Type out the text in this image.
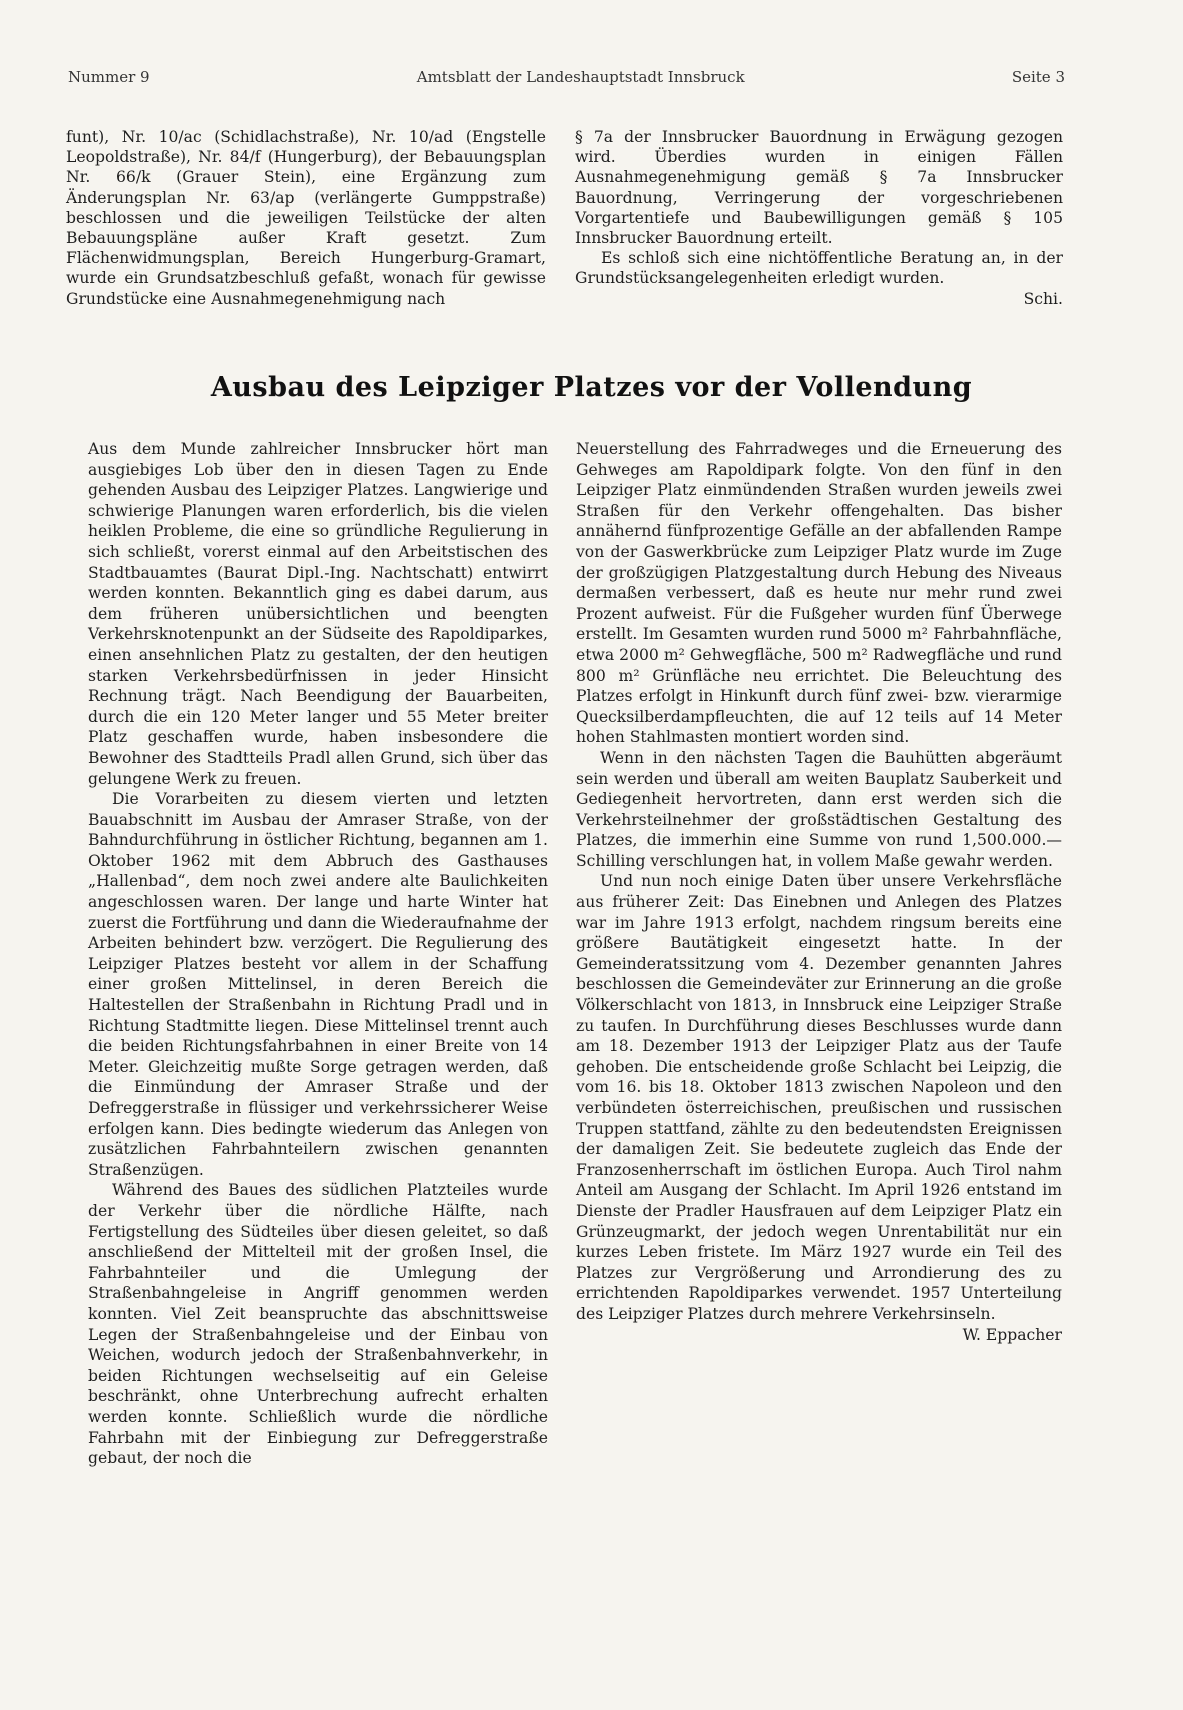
Nummer 9	Amtsblatt der Landeshauptstadt Innsbruck	Seite 3

funt), Nr. 10/ac (Schidlachstraße), Nr. 10/ad (Engstelle Leopoldstraße), Nr. 84/f (Hungerburg), der Bebauungsplan Nr. 66/k (Grauer Stein), eine Ergänzung zum Änderungsplan Nr. 63/ap (verlängerte Gumppstraße) beschlossen und die jeweiligen Teilstücke der alten Bebauungspläne außer Kraft gesetzt. Zum Flächenwidmungsplan, Bereich Hungerburg-Gramart, wurde ein Grundsatzbeschluß gefaßt, wonach für gewisse Grundstücke eine Ausnahmegenehmigung nach

§ 7a der Innsbrucker Bauordnung in Erwägung gezogen wird. Überdies wurden in einigen Fällen Ausnahmegenehmigung gemäß § 7a Innsbrucker Bauordnung, Verringerung der vorgeschriebenen Vorgartentiefe und Baubewilligungen gemäß § 105 Innsbrucker Bauordnung erteilt.

Es schloß sich eine nichtöffentliche Beratung an, in der Grundstücksangelegenheiten erledigt wurden.

Schi.
Ausbau des Leipziger Platzes vor der Vollendung

Aus dem Munde zahlreicher Innsbrucker hört man ausgiebiges Lob über den in diesen Tagen zu Ende gehenden Ausbau des Leipziger Platzes. Langwierige und schwierige Planungen waren erforderlich, bis die vielen heiklen Probleme, die eine so gründliche Regulierung in sich schließt, vorerst einmal auf den Arbeitstischen des Stadtbauamtes (Baurat Dipl.-Ing. Nachtschatt) entwirrt werden konnten. Bekanntlich ging es dabei darum, aus dem früheren unübersichtlichen und beengten Verkehrsknotenpunkt an der Südseite des Rapoldiparkes, einen ansehnlichen Platz zu gestalten, der den heutigen starken Verkehrsbedürfnissen in jeder Hinsicht Rechnung trägt. Nach Beendigung der Bauarbeiten, durch die ein 120 Meter langer und 55 Meter breiter Platz geschaffen wurde, haben insbesondere die Bewohner des Stadtteils Pradl allen Grund, sich über das gelungene Werk zu freuen.

Die Vorarbeiten zu diesem vierten und letzten Bauabschnitt im Ausbau der Amraser Straße, von der Bahndurchführung in östlicher Richtung, begannen am 1. Oktober 1962 mit dem Abbruch des Gasthauses „Hallenbad“, dem noch zwei andere alte Baulichkeiten angeschlossen waren. Der lange und harte Winter hat zuerst die Fortführung und dann die Wiederaufnahme der Arbeiten behindert bzw. verzögert. Die Regulierung des Leipziger Platzes besteht vor allem in der Schaffung einer großen Mittelinsel, in deren Bereich die Haltestellen der Straßenbahn in Richtung Pradl und in Richtung Stadtmitte liegen. Diese Mittelinsel trennt auch die beiden Richtungsfahrbahnen in einer Breite von 14 Meter. Gleichzeitig mußte Sorge getragen werden, daß die Einmündung der Amraser Straße und der Defreggerstraße in flüssiger und verkehrssicherer Weise erfolgen kann. Dies bedingte wiederum das Anlegen von zusätzlichen Fahrbahnteilern zwischen genannten Straßenzügen.

Während des Baues des südlichen Platzteiles wurde der Verkehr über die nördliche Hälfte, nach Fertigstellung des Südteiles über diesen geleitet, so daß anschließend der Mittelteil mit der großen Insel, die Fahrbahnteiler und die Umlegung der Straßenbahngeleise in Angriff genommen werden konnten. Viel Zeit beanspruchte das abschnittsweise Legen der Straßenbahngeleise und der Einbau von Weichen, wodurch jedoch der Straßenbahnverkehr, in beiden Richtungen wechselseitig auf ein Geleise beschränkt, ohne Unterbrechung aufrecht erhalten werden konnte. Schließlich wurde die nördliche Fahrbahn mit der Einbiegung zur Defreggerstraße gebaut, der noch die

Neuerstellung des Fahrradweges und die Erneuerung des Gehweges am Rapoldipark folgte. Von den fünf in den Leipziger Platz einmündenden Straßen wurden jeweils zwei Straßen für den Verkehr offengehalten. Das bisher annähernd fünfprozentige Gefälle an der abfallenden Rampe von der Gaswerkbrücke zum Leipziger Platz wurde im Zuge der großzügigen Platzgestaltung durch Hebung des Niveaus dermaßen verbessert, daß es heute nur mehr rund zwei Prozent aufweist. Für die Fußgeher wurden fünf Überwege erstellt. Im Gesamten wurden rund 5000 m² Fahrbahnfläche, etwa 2000 m² Gehwegfläche, 500 m² Radwegfläche und rund 800 m² Grünfläche neu errichtet. Die Beleuchtung des Platzes erfolgt in Hinkunft durch fünf zwei- bzw. vierarmige Quecksilberdampfleuchten, die auf 12 teils auf 14 Meter hohen Stahlmasten montiert worden sind.

Wenn in den nächsten Tagen die Bauhütten abgeräumt sein werden und überall am weiten Bauplatz Sauberkeit und Gediegenheit hervortreten, dann erst werden sich die Verkehrsteilnehmer der großstädtischen Gestaltung des Platzes, die immerhin eine Summe von rund 1,500.000.— Schilling verschlungen hat, in vollem Maße gewahr werden.

Und nun noch einige Daten über unsere Verkehrsfläche aus früherer Zeit: Das Einebnen und Anlegen des Platzes war im Jahre 1913 erfolgt, nachdem ringsum bereits eine größere Bautätigkeit eingesetzt hatte. In der Gemeinderatssitzung vom 4. Dezember genannten Jahres beschlossen die Gemeindeväter zur Erinnerung an die große Völkerschlacht von 1813, in Innsbruck eine Leipziger Straße zu taufen. In Durchführung dieses Beschlusses wurde dann am 18. Dezember 1913 der Leipziger Platz aus der Taufe gehoben. Die entscheidende große Schlacht bei Leipzig, die vom 16. bis 18. Oktober 1813 zwischen Napoleon und den verbündeten österreichischen, preußischen und russischen Truppen stattfand, zählte zu den bedeutendsten Ereignissen der damaligen Zeit. Sie bedeutete zugleich das Ende der Franzosenherrschaft im östlichen Europa. Auch Tirol nahm Anteil am Ausgang der Schlacht. Im April 1926 entstand im Dienste der Pradler Hausfrauen auf dem Leipziger Platz ein Grünzeugmarkt, der jedoch wegen Unrentabilität nur ein kurzes Leben fristete. Im März 1927 wurde ein Teil des Platzes zur Vergrößerung und Arrondierung des zu errichtenden Rapoldiparkes verwendet. 1957 Unterteilung des Leipziger Platzes durch mehrere Verkehrsinseln.

W. Eppacher
